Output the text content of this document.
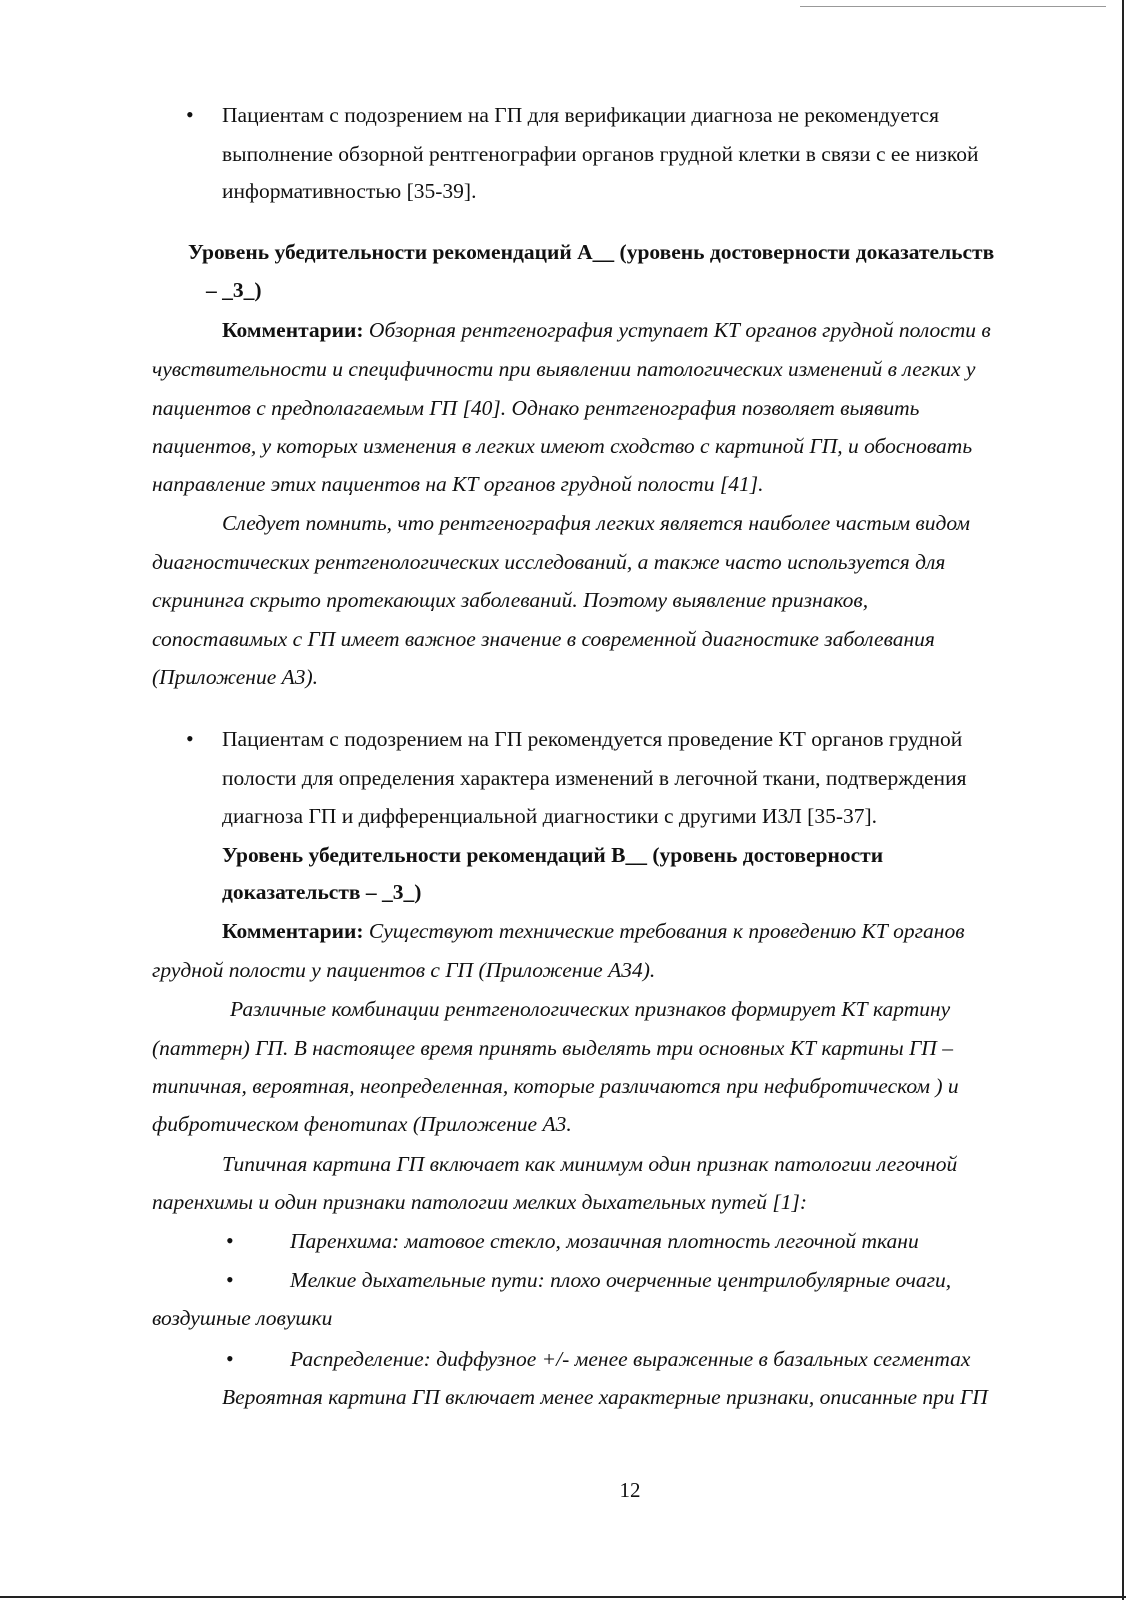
• Пациентам с подозрением на ГП для верификации диагноза не рекомендуется
выполнение обзорной рентгенографии органов грудной клетки в связи с ее низкой
информативностью [35-39].
Уровень убедительности рекомендаций А__ (уровень достоверности доказательств
– _3_)
Комментарии: Обзорная рентгенография уступает КТ органов грудной полости в
чувствительности и специфичности при выявлении патологических изменений в легких у
пациентов с предполагаемым ГП [40]. Однако рентгенография позволяет выявить
пациентов, у которых изменения в легких имеют сходство с картиной ГП, и обосновать
направление этих пациентов на КТ органов грудной полости [41].
Следует помнить, что рентгенография легких является наиболее частым видом
диагностических рентгенологических исследований, а также часто используется для
скрининга скрыто протекающих заболеваний. Поэтому выявление признаков,
сопоставимых с ГП имеет важное значение в современной диагностике заболевания
(Приложение А3).
• Пациентам с подозрением на ГП рекомендуется проведение КТ органов грудной
полости для определения характера изменений в легочной ткани, подтверждения
диагноза ГП и дифференциальной диагностики с другими ИЗЛ [35-37].
Уровень убедительности рекомендаций В__ (уровень достоверности
доказательств – _3_)
Комментарии: Существуют технические требования к проведению КТ органов
грудной полости у пациентов с ГП (Приложение А34).
Различные комбинации рентгенологических признаков формирует КТ картину
(паттерн) ГП. В настоящее время принять выделять три основных КТ картины ГП –
типичная, вероятная, неопределенная, которые различаются при нефибротическом ) и
фибротическом фенотипах (Приложение А3.
Типичная картина ГП включает как минимум один признак патологии легочной
паренхимы и один признаки патологии мелких дыхательных путей [1]:
•	Паренхима: матовое стекло, мозаичная плотность легочной ткани
•	Мелкие дыхательные пути: плохо очерченные центрилобулярные очаги,
воздушные ловушки
•	Распределение: диффузное +/- менее выраженные в базальных сегментах
Вероятная картина ГП включает менее характерные признаки, описанные при ГП
12
